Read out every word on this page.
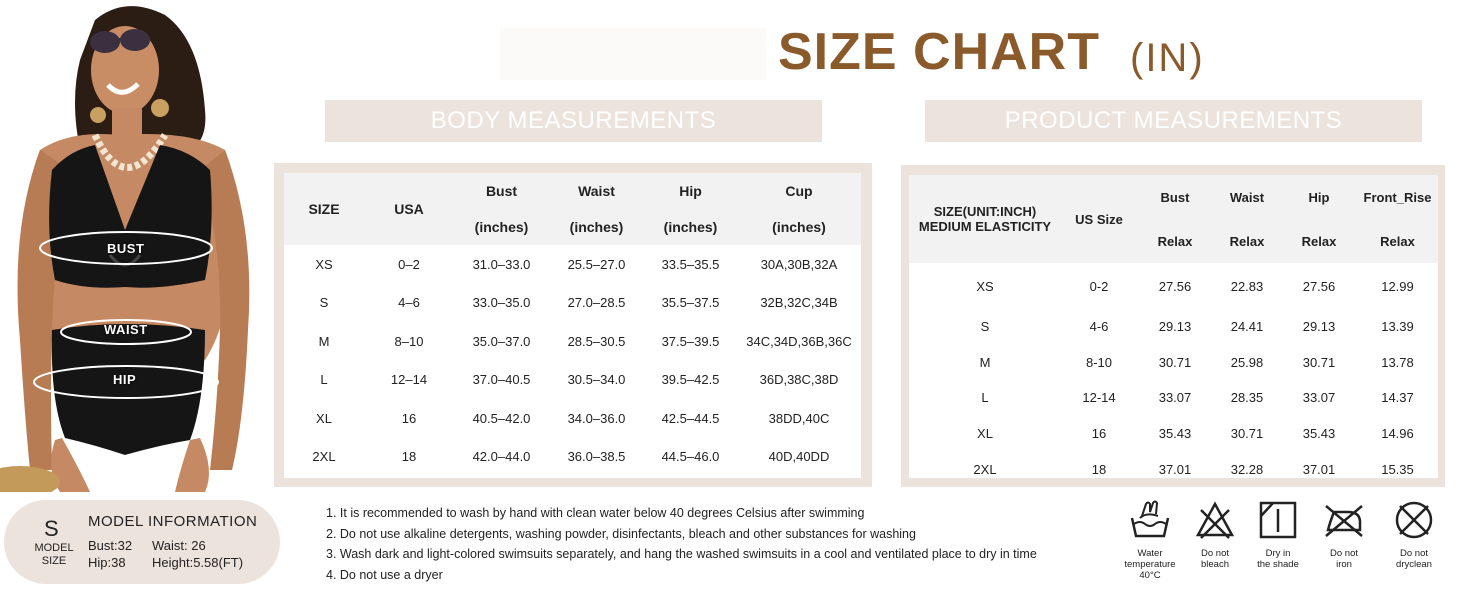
BUST
WAIST
HIP
S
MODEL SIZE
MODEL INFORMATION
Bust:32 Waist: 26
Hip:38 Height:5.58(FT)
SIZE CHART (IN)
BODY MEASUREMENTS	PRODUCT MEASUREMENTS
SIZE	USA	Bust	Waist	Hip	Cup
		(inches)	(inches)	(inches)	(inches)
XS	0–2	31.0–33.0	25.5–27.0	33.5–35.5	30A,30B,32A
S	4–6	33.0–35.0	27.0–28.5	35.5–37.5	32B,32C,34B
M	8–10	35.0–37.0	28.5–30.5	37.5–39.5	34C,34D,36B,36C
L	12–14	37.0–40.5	30.5–34.0	39.5–42.5	36D,38C,38D
XL	16	40.5–42.0	34.0–36.0	42.5–44.5	38DD,40C
2XL	18	42.0–44.0	36.0–38.5	44.5–46.0	40D,40DD
SIZE(UNIT:INCH)
MEDIUM ELASTICITY	US Size	Bust	Waist	Hip	Front_Rise
		Relax	Relax	Relax	Relax
XS	0-2	27.56	22.83	27.56	12.99
S	4-6	29.13	24.41	29.13	13.39
M	8-10	30.71	25.98	30.71	13.78
L	12-14	33.07	28.35	33.07	14.37
XL	16	35.43	30.71	35.43	14.96
2XL	18	37.01	32.28	37.01	15.35
1. It is recommended to wash by hand with clean water below 40 degrees Celsius after swimming
2. Do not use alkaline detergents, washing powder, disinfectants, bleach and other substances for washing
3. Wash dark and light-colored swimsuits separately, and hang the washed swimsuits in a cool and ventilated place to dry in time
4. Do not use a dryer
Water
temperature
40°C
Do not
bleach
Dry in
the shade
Do not
iron
Do not
dryclean
